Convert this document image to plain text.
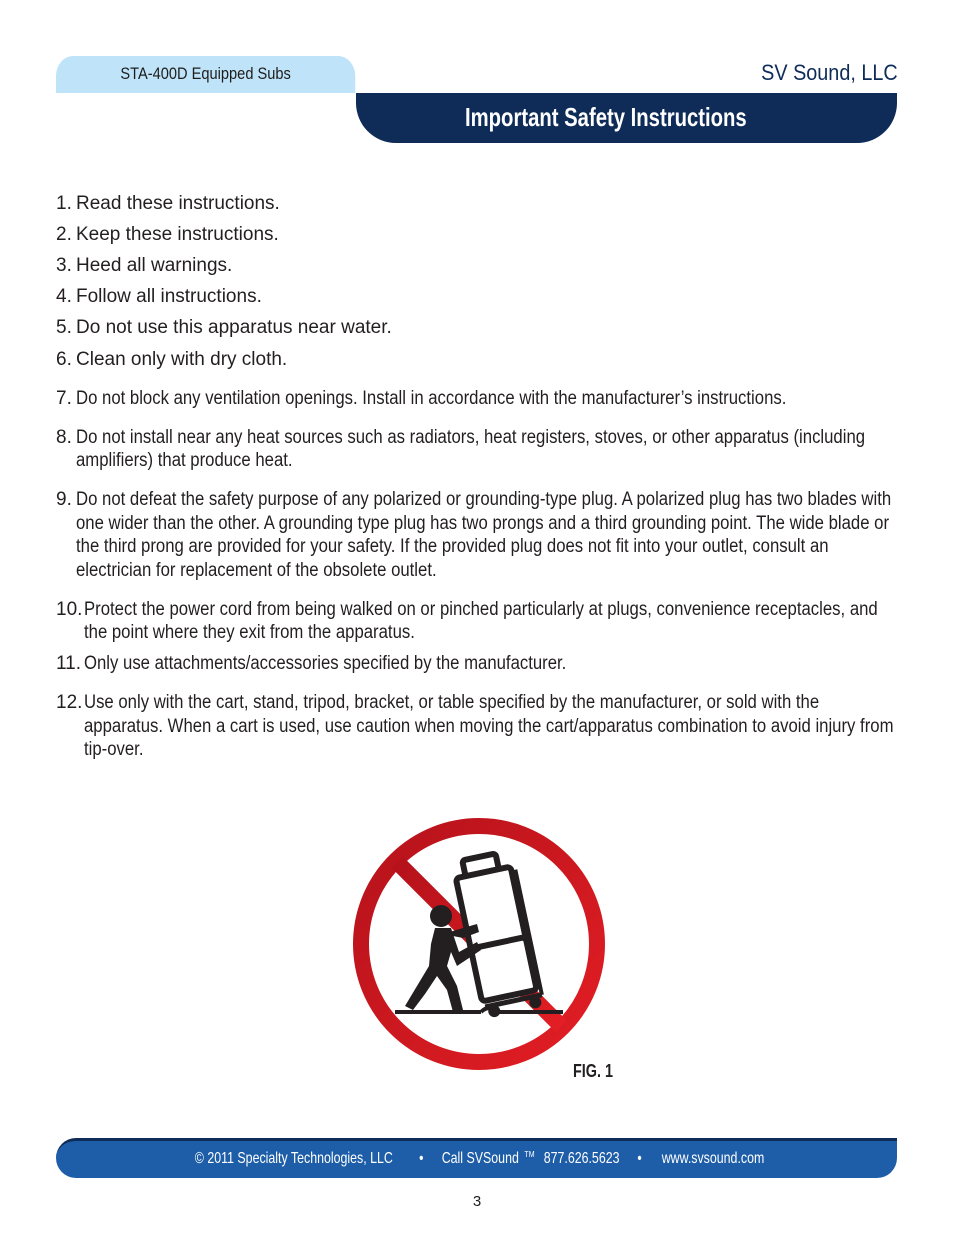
STA-400D Equipped Subs	SV Sound, LLC
Important Safety Instructions
1. Read these instructions.
2. Keep these instructions.
3. Heed all warnings.
4. Follow all instructions.
5. Do not use this apparatus near water.
6. Clean only with dry cloth.
7. Do not block any ventilation openings. Install in accordance with the manufacturer’s instructions.
8. Do not install near any heat sources such as radiators, heat registers, stoves, or other apparatus (including amplifiers) that produce heat.
9. Do not defeat the safety purpose of any polarized or grounding-type plug. A polarized plug has two blades with one wider than the other. A grounding type plug has two prongs and a third grounding point. The wide blade or the third prong are provided for your safety. If the provided plug does not fit into your outlet, consult an electrician for replacement of the obsolete outlet.
10. Protect the power cord from being walked on or pinched particularly at plugs, convenience receptacles, and the point where they exit from the apparatus.
11. Only use attachments/accessories specified by the manufacturer.
12. Use only with the cart, stand, tripod, bracket, or table specified by the manufacturer, or sold with the apparatus. When a cart is used, use caution when moving the cart/apparatus combination to avoid injury from tip-over.
FIG. 1
© 2011 Specialty Technologies, LLC • Call SVSound ™ 877.626.5623 • www.svsound.com
3
